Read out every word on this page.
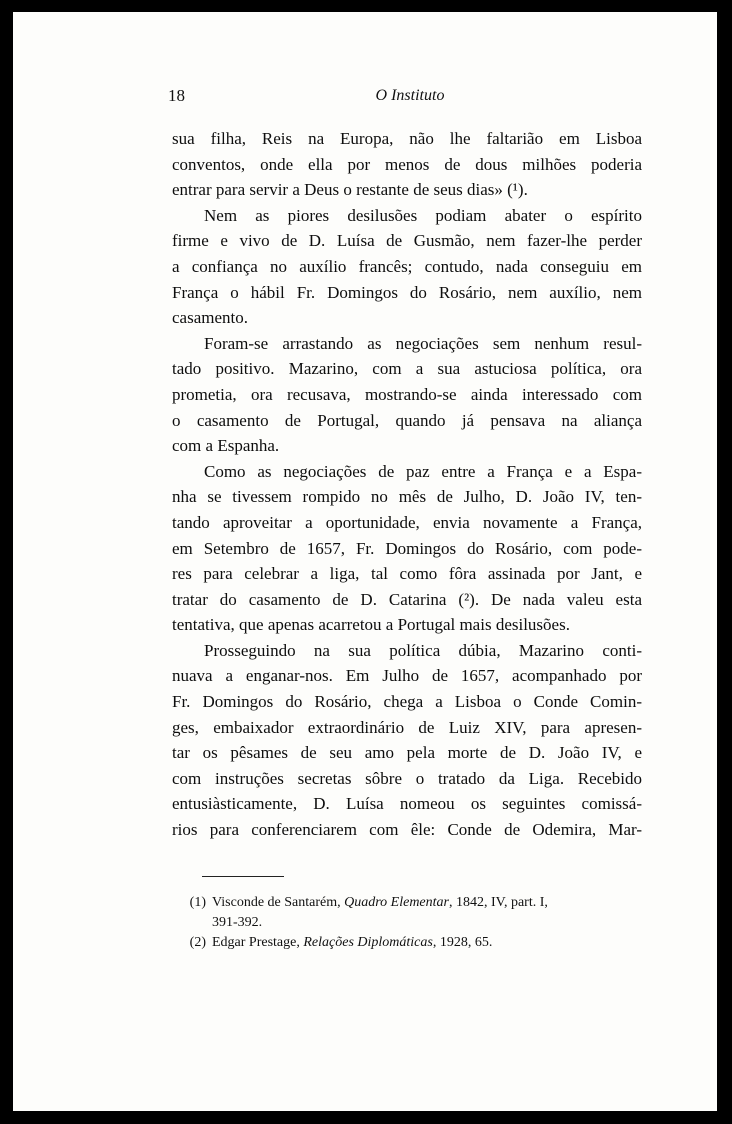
18	O Instituto
sua filha, Reis na Europa, não lhe faltarião em Lisboa
conventos, onde ella por menos de dous milhões poderia
entrar para servir a Deus o restante de seus dias» (¹).
Nem as piores desilusões podiam abater o espírito
firme e vivo de D. Luísa de Gusmão, nem fazer-lhe perder
a confiança no auxílio francês; contudo, nada conseguiu em
França o hábil Fr. Domingos do Rosário, nem auxílio, nem
casamento.
Foram-se arrastando as negociações sem nenhum resul-
tado positivo. Mazarino, com a sua astuciosa política, ora
prometia, ora recusava, mostrando-se ainda interessado com
o casamento de Portugal, quando já pensava na aliança
com a Espanha.
Como as negociações de paz entre a França e a Espa-
nha se tivessem rompido no mês de Julho, D. João IV, ten-
tando aproveitar a oportunidade, envia novamente a França,
em Setembro de 1657, Fr. Domingos do Rosário, com pode-
res para celebrar a liga, tal como fôra assinada por Jant, e
tratar do casamento de D. Catarina (²). De nada valeu esta
tentativa, que apenas acarretou a Portugal mais desilusões.
Prosseguindo na sua política dúbia, Mazarino conti-
nuava a enganar-nos. Em Julho de 1657, acompanhado por
Fr. Domingos do Rosário, chega a Lisboa o Conde Comin-
ges, embaixador extraordinário de Luiz XIV, para apresen-
tar os pêsames de seu amo pela morte de D. João IV, e
com instruções secretas sôbre o tratado da Liga. Recebido
entusiàsticamente, D. Luísa nomeou os seguintes comissá-
rios para conferenciarem com êle: Conde de Odemira, Mar-
(1) Visconde de Santarém, Quadro Elementar, 1842, IV, part. I,
391-392.
(2) Edgar Prestage, Relações Diplomáticas, 1928, 65.
